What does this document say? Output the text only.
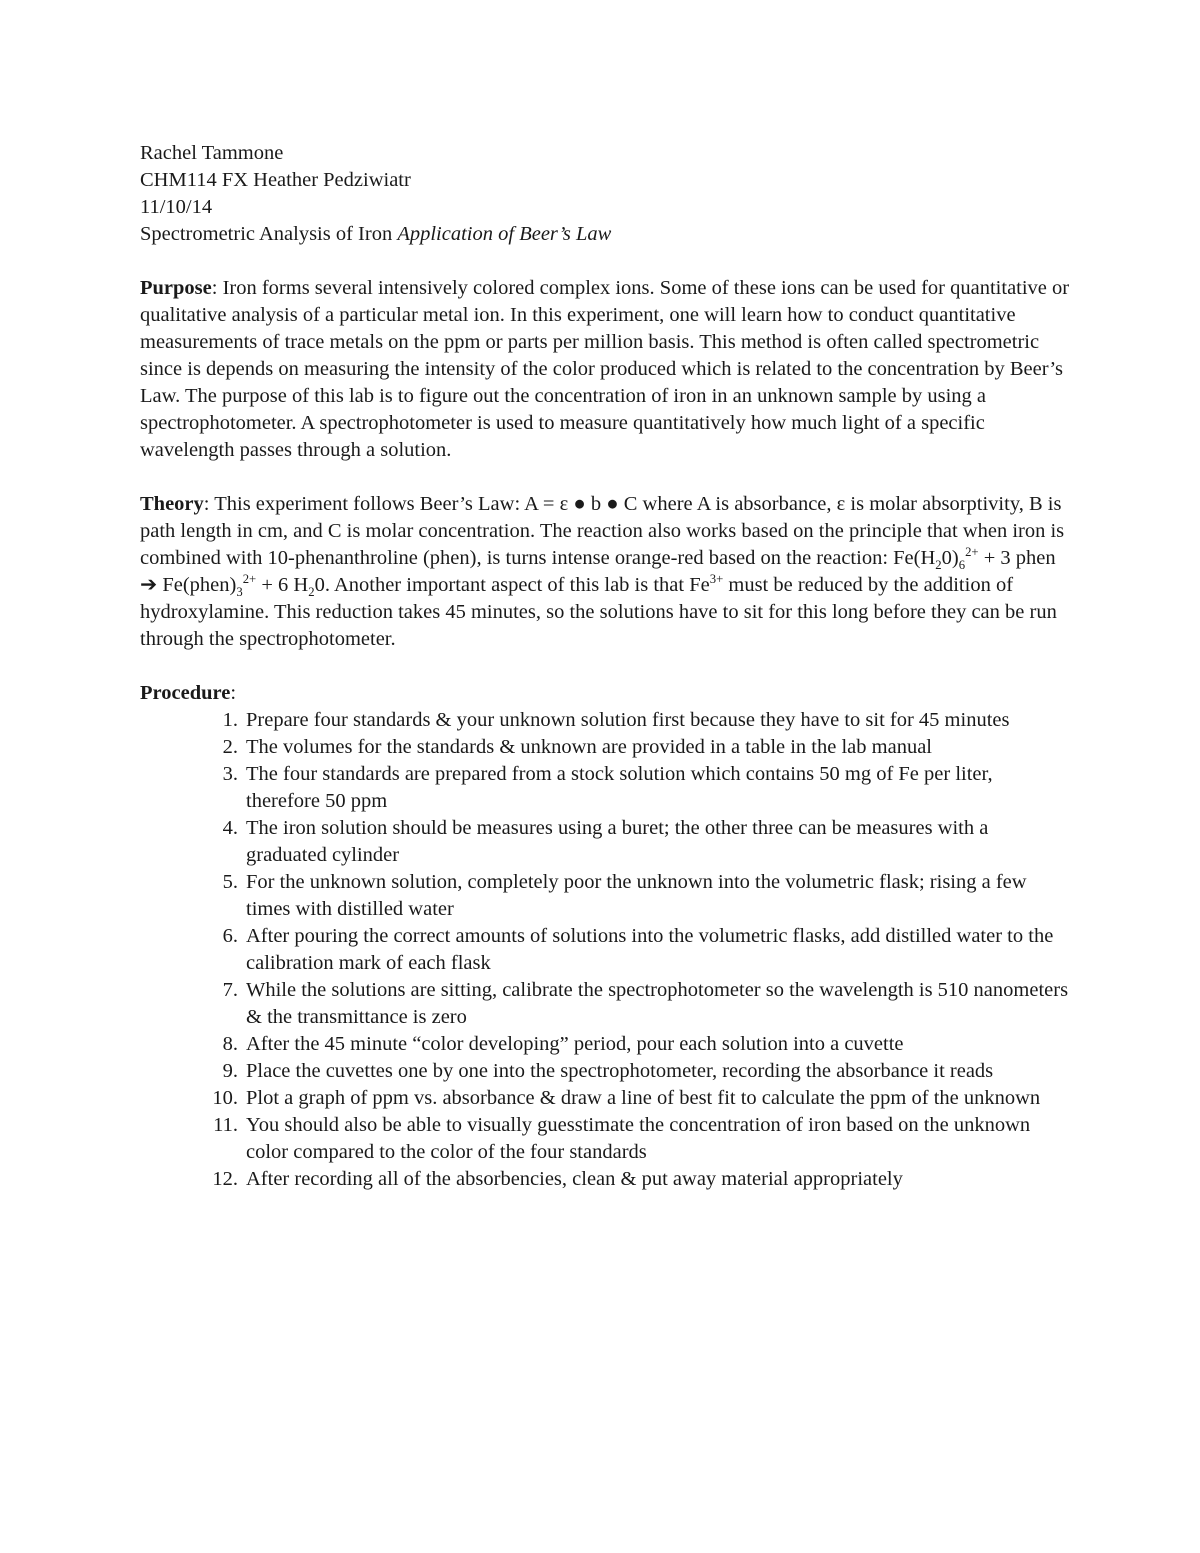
Rachel Tammone
CHM114 FX Heather Pedziwiatr
11/10/14
Spectrometric Analysis of Iron Application of Beer’s Law
Purpose: Iron forms several intensively colored complex ions. Some of these ions can be used for quantitative or qualitative analysis of a particular metal ion. In this experiment, one will learn how to conduct quantitative measurements of trace metals on the ppm or parts per million basis. This method is often called spectrometric since is depends on measuring the intensity of the color produced which is related to the concentration by Beer’s Law. The purpose of this lab is to figure out the concentration of iron in an unknown sample by using a spectrophotometer. A spectrophotometer is used to measure quantitatively how much light of a specific wavelength passes through a solution.
Theory: This experiment follows Beer’s Law: A = ε ● b ● C where A is absorbance, ε is molar absorptivity, B is path length in cm, and C is molar concentration. The reaction also works based on the principle that when iron is combined with 10-phenanthroline (phen), is turns intense orange-red based on the reaction: $Fe(H_20)_6^{2+} + 3$ phen ➔ $Fe(phen)_3^{2+} + 6$ $H_20$. Another important aspect of this lab is that $Fe^{3+}$ must be reduced by the addition of hydroxylamine. This reduction takes 45 minutes, so the solutions have to sit for this long before they can be run through the spectrophotometer.
Procedure:
1. Prepare four standards & your unknown solution first because they have to sit for 45 minutes
2. The volumes for the standards & unknown are provided in a table in the lab manual
3. The four standards are prepared from a stock solution which contains 50 mg of Fe per liter, therefore 50 ppm
4. The iron solution should be measures using a buret; the other three can be measures with a graduated cylinder
5. For the unknown solution, completely poor the unknown into the volumetric flask; rising a few times with distilled water
6. After pouring the correct amounts of solutions into the volumetric flasks, add distilled water to the calibration mark of each flask
7. While the solutions are sitting, calibrate the spectrophotometer so the wavelength is 510 nanometers & the transmittance is zero
8. After the 45 minute “color developing” period, pour each solution into a cuvette
9. Place the cuvettes one by one into the spectrophotometer, recording the absorbance it reads
10. Plot a graph of ppm vs. absorbance & draw a line of best fit to calculate the ppm of the unknown
11. You should also be able to visually guesstimate the concentration of iron based on the unknown color compared to the color of the four standards
12. After recording all of the absorbencies, clean & put away material appropriately
